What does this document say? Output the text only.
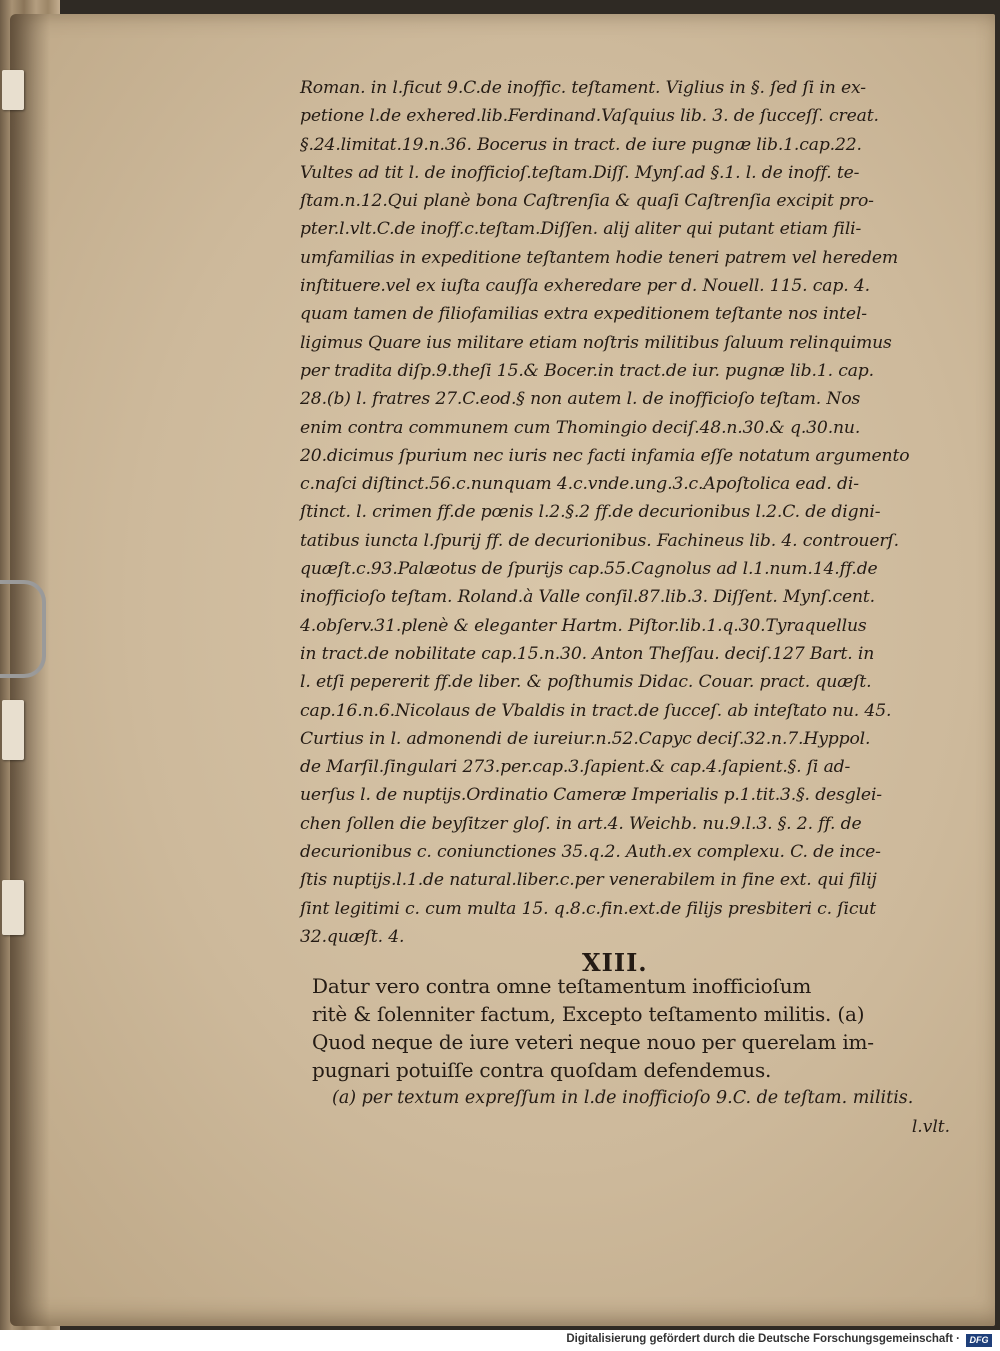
Roman. in l.ficut 9.C.de inoffic. teſtament. Viglius in §. ſed ſi in ex-
petione l.de exhered.lib.Ferdinand.Vaſquius lib. 3. de ſucceſſ. creat.
§.24.limitat.19.n.36. Bocerus in tract. de iure pugnæ lib.1.cap.22.
Vultes ad tit l. de inofficioſ.teſtam.Diſſ. Mynſ.ad §.1. l. de inoff. te-
ſtam.n.12.Qui planè bona Caſtrenſia & quaſi Caſtrenſia excipit pro-
pter.l.vlt.C.de inoff.c.teſtam.Diſſen. alij aliter qui putant etiam fili-
umfamilias in expeditione teſtantem hodie teneri patrem vel heredem
inſtituere.vel ex iuſta cauſſa exheredare per d. Nouell. 115. cap. 4.
quam tamen de filiofamilias extra expeditionem teſtante nos intel-
ligimus Quare ius militare etiam noſtris militibus ſaluum relinquimus
per tradita diſp.9.theſi 15.& Bocer.in tract.de iur. pugnæ lib.1. cap.
28.(b) l. fratres 27.C.eod.§ non autem l. de inofficioſo teſtam. Nos
enim contra communem cum Thomingio deciſ.48.n.30.& q.30.nu.
20.dicimus ſpurium nec iuris nec facti infamia eſſe notatum argumento
c.naſci diſtinct.56.c.nunquam 4.c.vnde.ung.3.c.Apoſtolica ead. di-
ſtinct. l. crimen ff.de pœnis l.2.§.2 ff.de decurionibus l.2.C. de digni-
tatibus iuncta l.ſpurij ff. de decurionibus. Fachineus lib. 4. controuerſ.
quæſt.c.93.Palæotus de ſpurijs cap.55.Cagnolus ad l.1.num.14.ff.de
inofficioſo teſtam. Roland.à Valle conſil.87.lib.3. Diſſent. Mynſ.cent.
4.obſerv.31.plenè & eleganter Hartm. Piſtor.lib.1.q.30.Tyraquellus
in tract.de nobilitate cap.15.n.30. Anton Theſſau. deciſ.127 Bart. in
l. etſi pepererit ff.de liber. & poſthumis Didac. Couar. pract. quæſt.
cap.16.n.6.Nicolaus de Vbaldis in tract.de ſucceſ. ab inteſtato nu. 45.
Curtius in l. admonendi de iureiur.n.52.Capyc deciſ.32.n.7.Hyppol.
de Marſil.ſingulari 273.per.cap.3.ſapient.& cap.4.ſapient.§. ſi ad-
uerſus l. de nuptijs.Ordinatio Cameræ Imperialis p.1.tit.3.§. desglei-
chen ſollen die beyſitzer gloſ. in art.4. Weichb. nu.9.l.3. §. 2. ff. de
decurionibus c. coniunctiones 35.q.2. Auth.ex complexu. C. de ince-
ſtis nuptijs.l.1.de natural.liber.c.per venerabilem in fine ext. qui filij
ſint legitimi c. cum multa 15. q.8.c.fin.ext.de filijs presbiteri c. ſicut
32.quæſt. 4.
XIII.
Datur vero contra omne teſtamentum inofficioſum
ritè & ſolenniter factum, Excepto teſtamento militis. (a)
Quod neque de iure veteri neque nouo per querelam im-
pugnari potuiſſe contra quoſdam defendemus.
(a) per textum expreſſum in l.de inofficioſo 9.C. de teſtam. militis.
l.vlt.
Digitalisierung gefördert durch die Deutsche Forschungsgemeinschaft ·	DFG
